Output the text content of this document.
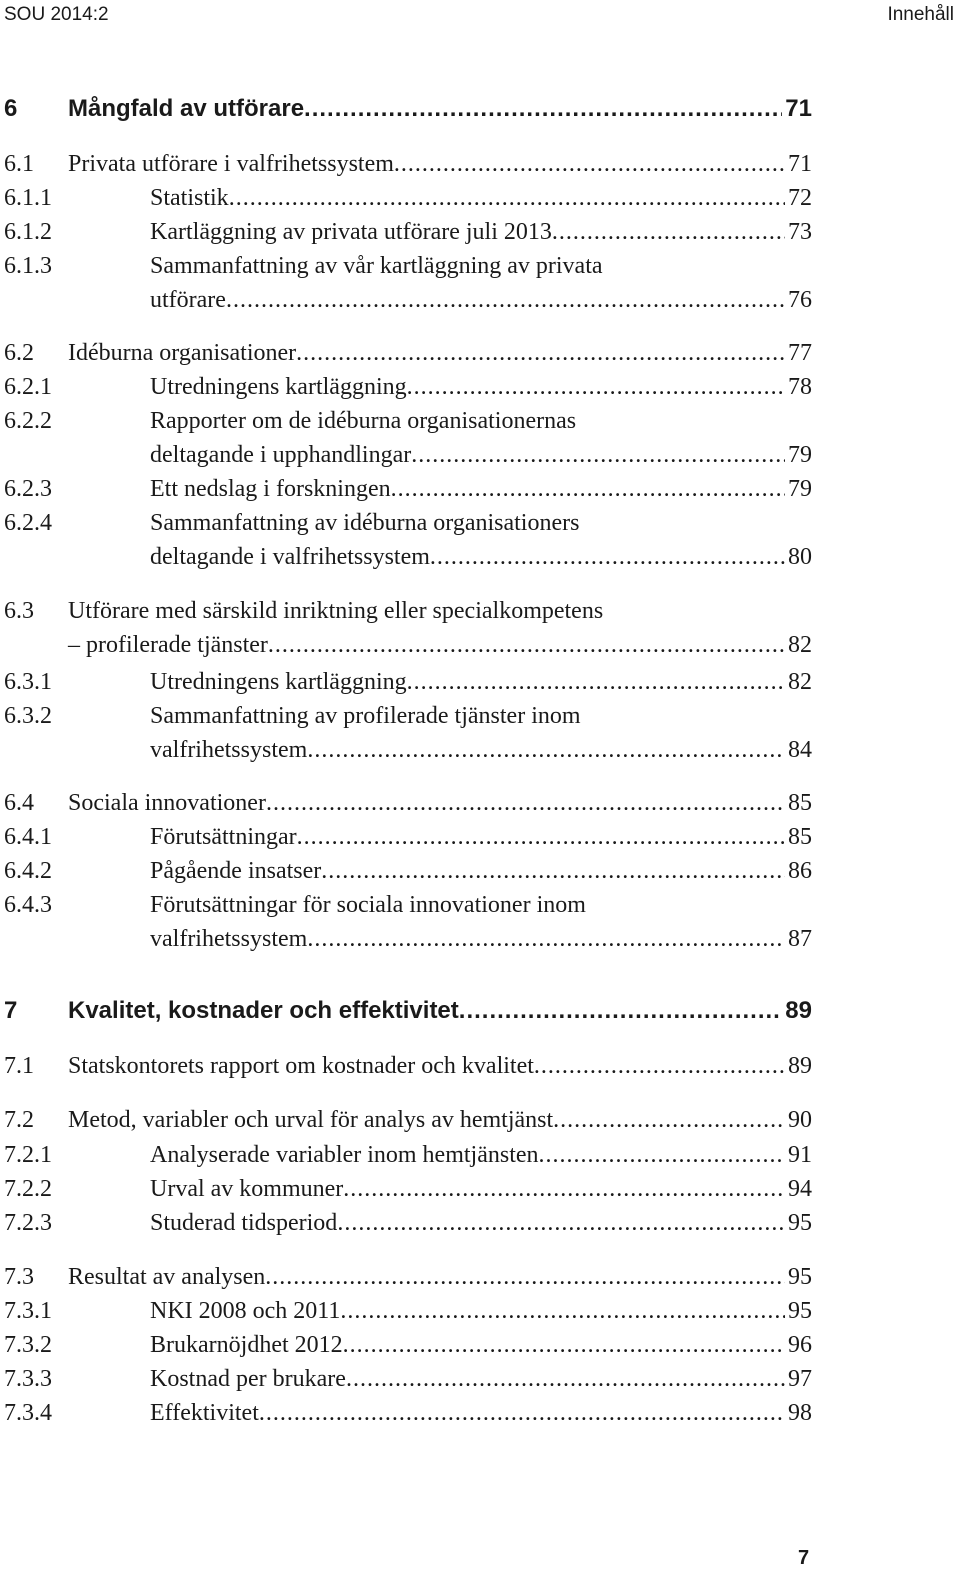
SOU 2014:2	Innehåll
6 Mångfald av utförare .....	71
6.1 Privata utförare i valfrihetssystem .....	71
6.1.1	Statistik .....	72
6.1.2	Kartläggning av privata utförare juli 2013 .....	73
6.1.3	Sammanfattning av vår kartläggning av privata
utförare .....	76
6.2 Idéburna organisationer .....	77
6.2.1	Utredningens kartläggning .....	78
6.2.2	Rapporter om de idéburna organisationernas
deltagande i upphandlingar .....	79
6.2.3	Ett nedslag i forskningen .....	79
6.2.4	Sammanfattning av idéburna organisationers
deltagande i valfrihetssystem .....	80
6.3 Utförare med särskild inriktning eller specialkompetens
– profilerade tjänster .....	82
6.3.1	Utredningens kartläggning .....	82
6.3.2	Sammanfattning av profilerade tjänster inom
valfrihetssystem .....	84
6.4 Sociala innovationer .....	85
6.4.1	Förutsättningar .....	85
6.4.2	Pågående insatser .....	86
6.4.3	Förutsättningar för sociala innovationer inom
valfrihetssystem .....	87
7 Kvalitet, kostnader och effektivitet .....	89
7.1 Statskontorets rapport om kostnader och kvalitet .....	89
7.2 Metod, variabler och urval för analys av hemtjänst .....	90
7.2.1	Analyserade variabler inom hemtjänsten .....	91
7.2.2	Urval av kommuner .....	94
7.2.3	Studerad tidsperiod .....	95
7.3 Resultat av analysen .....	95
7.3.1	NKI 2008 och 2011 .....	95
7.3.2	Brukarnöjdhet 2012 .....	96
7.3.3	Kostnad per brukare .....	97
7.3.4	Effektivitet .....	98
7
